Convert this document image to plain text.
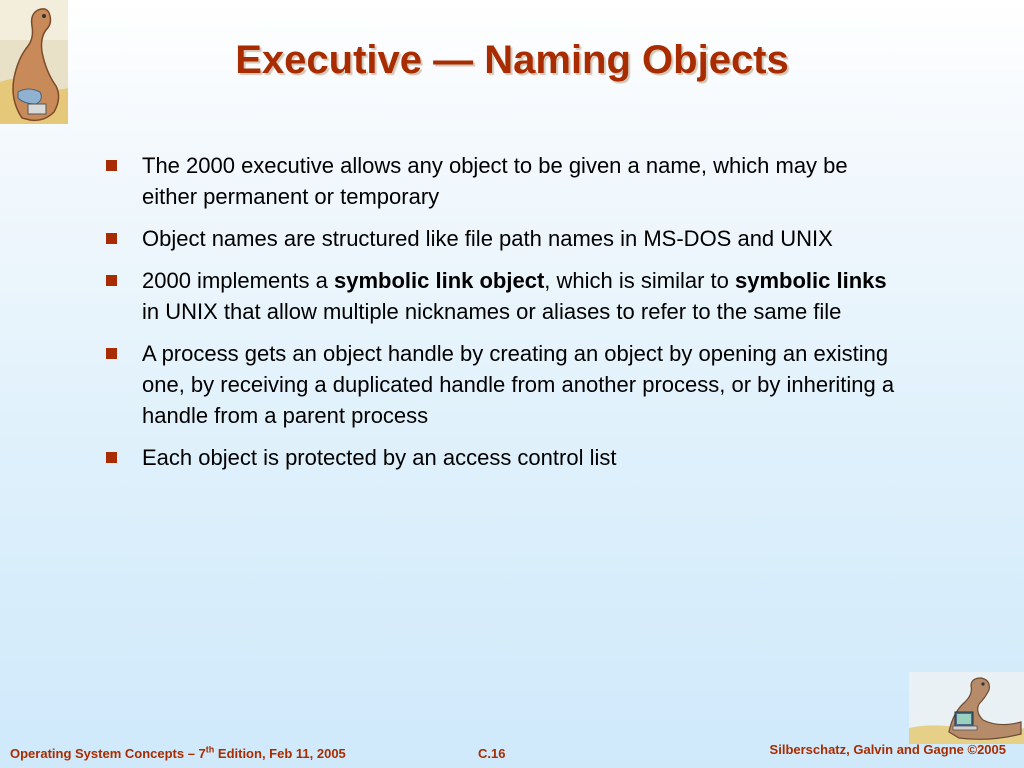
Executive — Naming Objects
The 2000 executive allows any object to be given a name, which may be either permanent or temporary
Object names are structured like file path names in MS-DOS and UNIX
2000 implements a symbolic link object, which is similar to symbolic links in UNIX that allow multiple nicknames or aliases to refer to the same file
A process gets an object handle by creating an object by opening an existing one, by receiving a duplicated handle from another process, or by inheriting a handle from a parent process
Each object is protected by an access control list
Operating System Concepts – 7th Edition, Feb 11, 2005	C.16	Silberschatz, Galvin and Gagne ©2005
